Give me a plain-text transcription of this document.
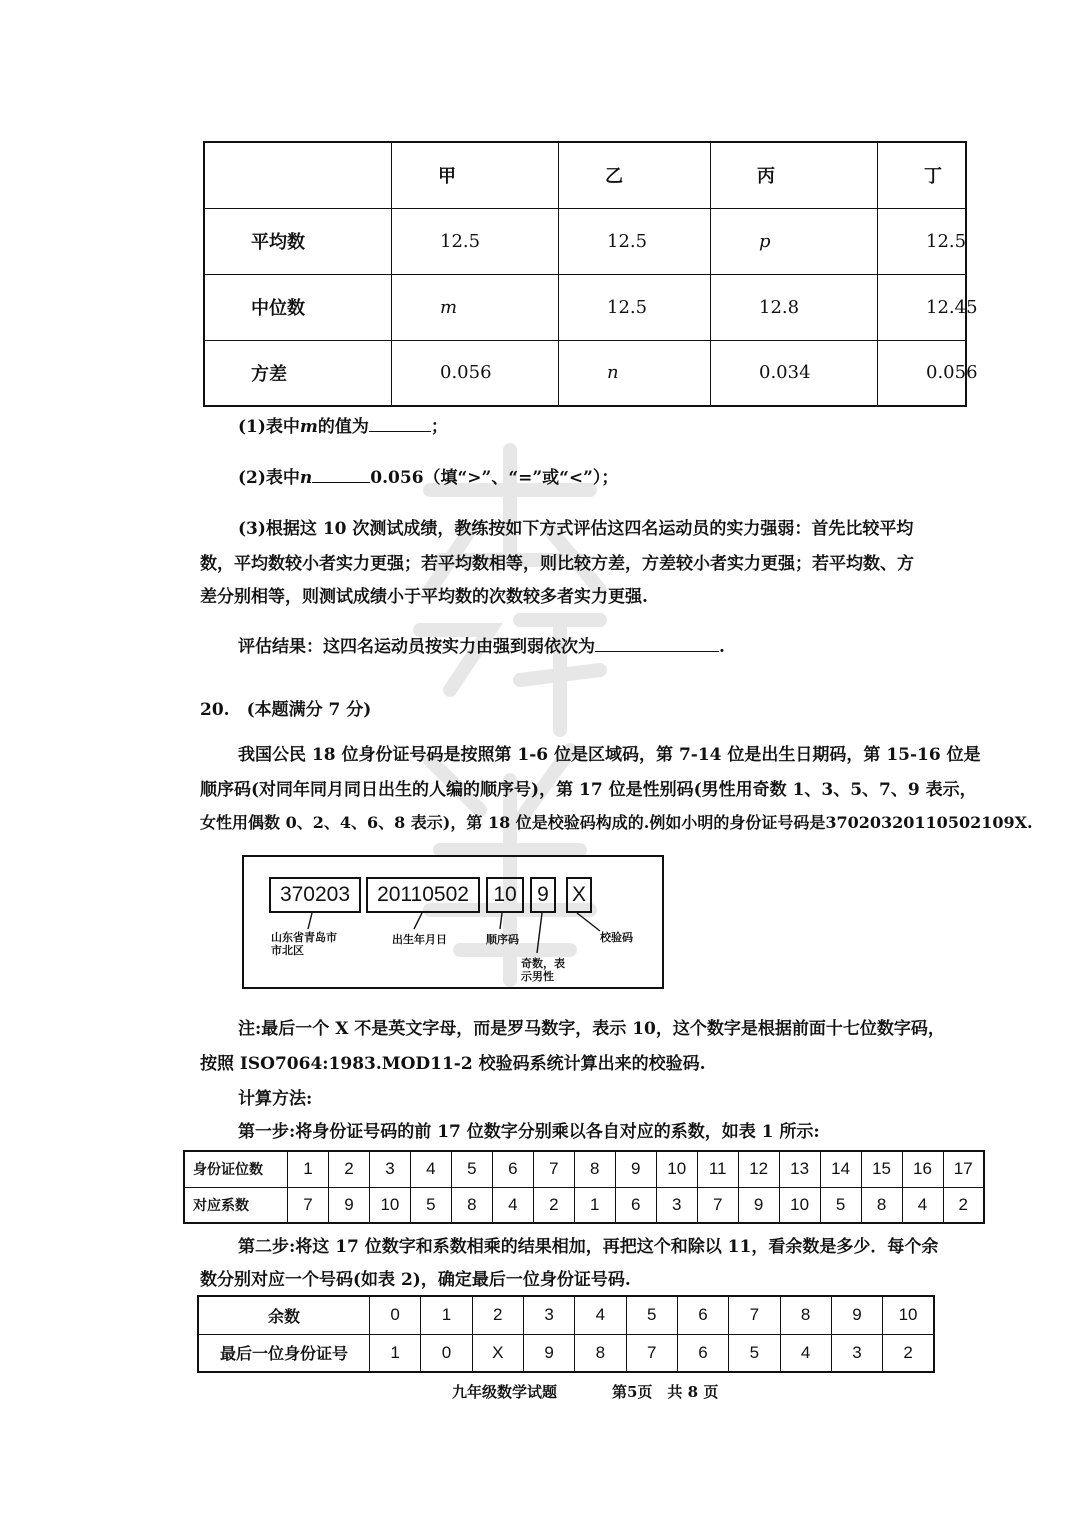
	甲	乙	丙	丁
平均数	12.5	12.5	p	12.5
中位数	m	12.5	12.8	12.45
方差	0.056	n	0.034	0.056
(1)表中m的值为	；
(2)表中n	0.056（填“>”、“=”或“<”）；
(3)根据这 10 次测试成绩，教练按如下方式评估这四名运动员的实力强弱：首先比较平均
数，平均数较小者实力更强；若平均数相等，则比较方差，方差较小者实力更强；若平均数、方
差分别相等，则测试成绩小于平均数的次数较多者实力更强.
评估结果：这四名运动员按实力由强到弱依次为	.
20.　(本题满分 7 分)
我国公民 18 位身份证号码是按照第 1-6 位是区域码，第 7-14 位是出生日期码，第 15-16 位是
顺序码(对同年同月同日出生的人编的顺序号)，第 17 位是性别码(男性用奇数 1、3、5、7、9 表示，
女性用偶数 0、2、4、6、8 表示)，第 18 位是校验码构成的.例如小明的身份证号码是37020320110502109X.
370203	20110502	10 9	X
山东省青岛市
市北区
出生年月日	顺序码
奇数，表
示男性
校验码
注:最后一个 X 不是英文字母，而是罗马数字，表示 10，这个数字是根据前面十七位数字码，
按照 ISO7064:1983.MOD11-2 校验码系统计算出来的校验码.
计算方法:
第一步:将身份证号码的前 17 位数字分别乘以各自对应的系数，如表 1 所示:
身份证位数	1	2	3	4	5	6	7	8	9	10	11	12	13	14	15	16	17
对应系数	7	9	10	5	8	4	2	1	6	3	7	9	10	5	8	4	2
第二步:将这 17 位数字和系数相乘的结果相加，再把这个和除以 11，看余数是多少．每个余
数分别对应一个号码(如表 2)，确定最后一位身份证号码.
余数	0	1	2	3	4	5	6	7	8	9	10
最后一位身份证号	1	0	X	9	8	7	6	5	4	3	2
九年级数学试题	第5页　共 8 页
